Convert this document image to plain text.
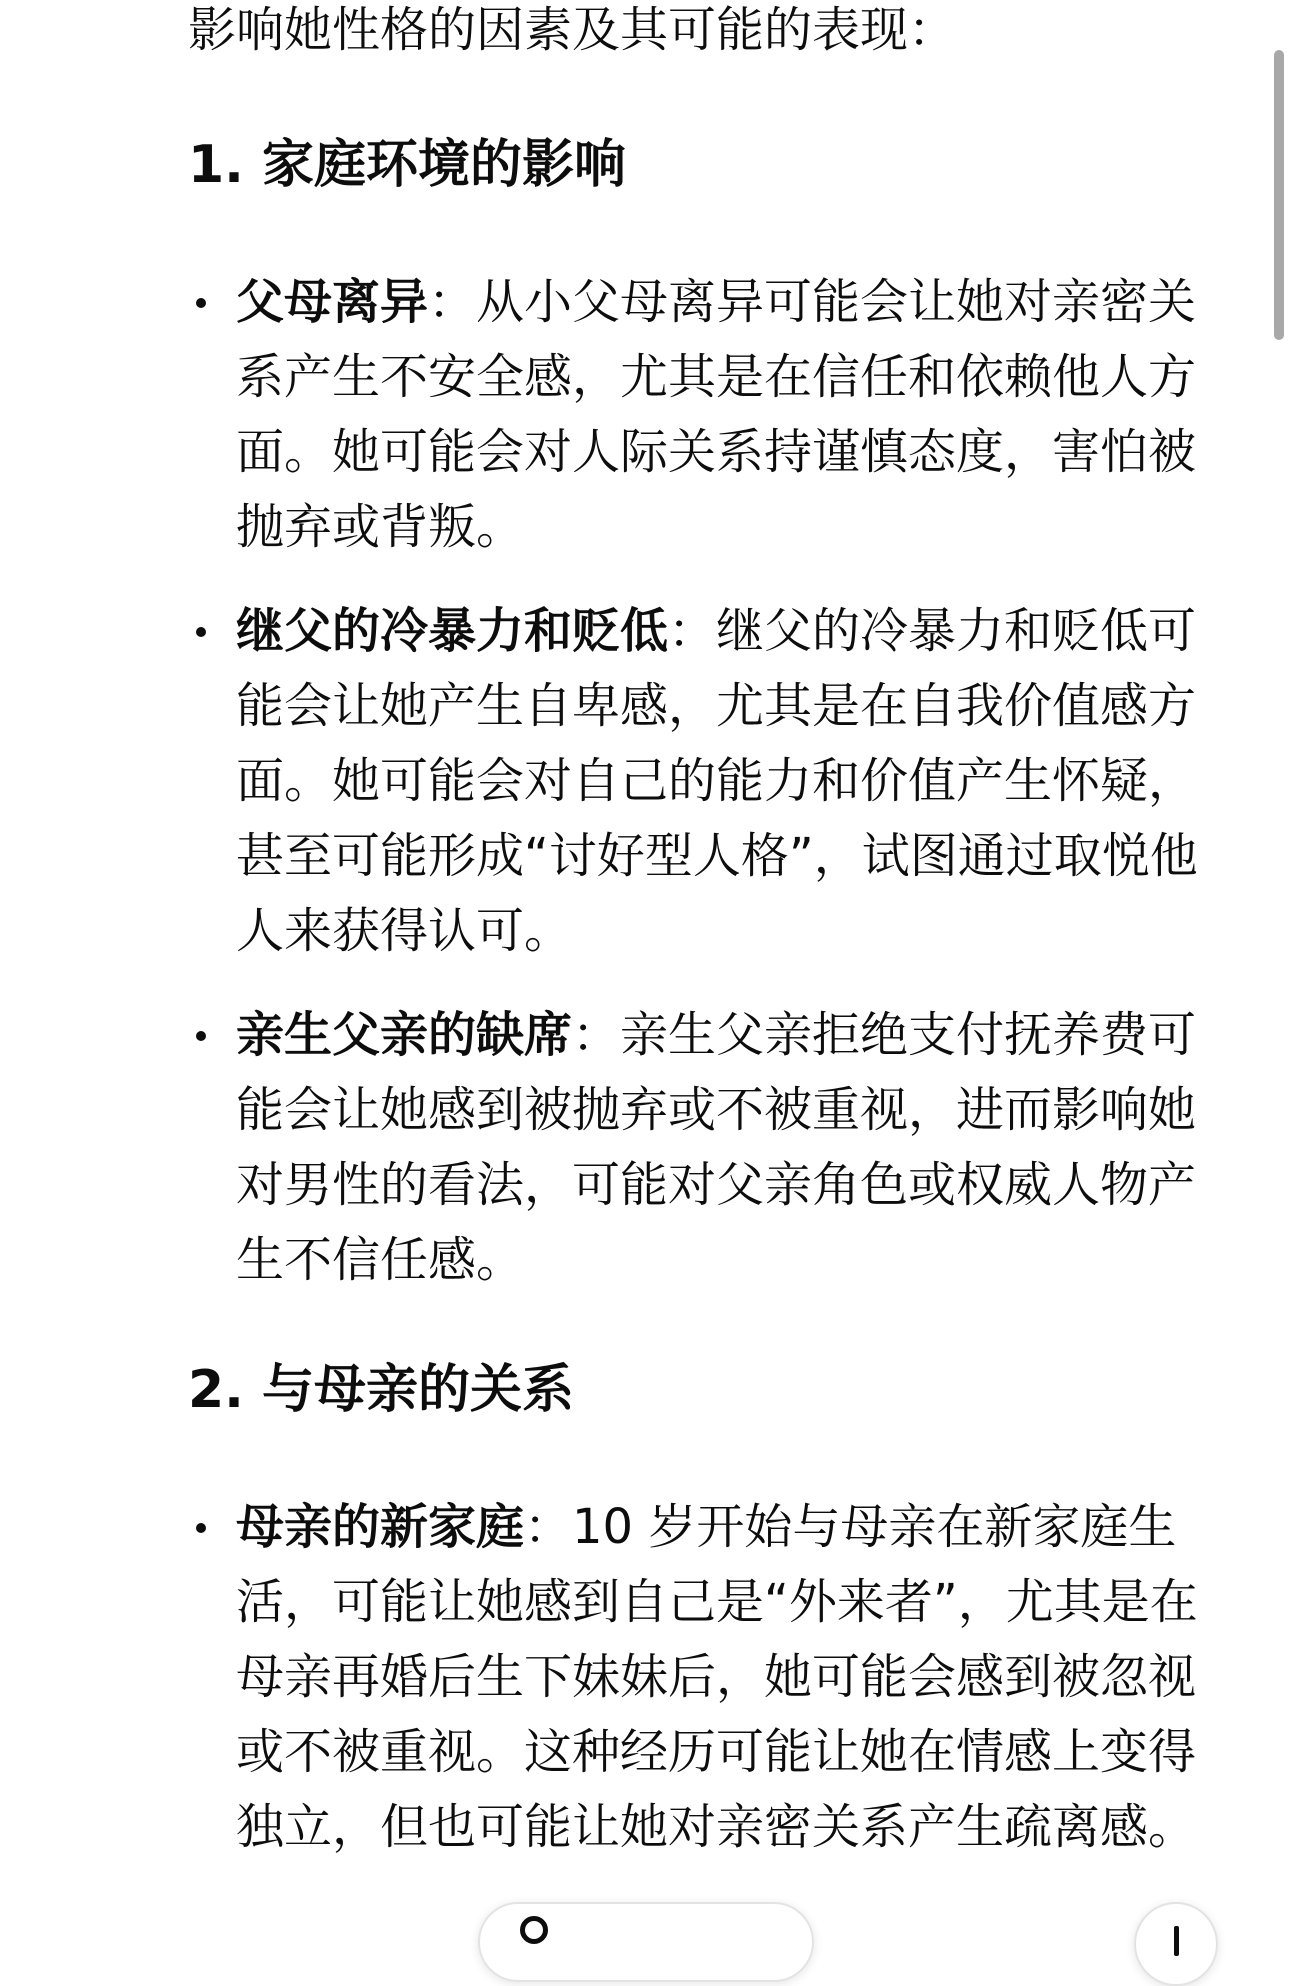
影响她性格的因素及其可能的表现：

1. 家庭环境的影响
父母离异：从小父母离异可能会让她对亲密关系产生不安全感，尤其是在信任和依赖他人方面。她可能会对人际关系持谨慎态度，害怕被抛弃或背叛。
继父的冷暴力和贬低：继父的冷暴力和贬低可能会让她产生自卑感，尤其是在自我价值感方面。她可能会对自己的能力和价值产生怀疑，甚至可能形成“讨好型人格”，试图通过取悦他人来获得认可。
亲生父亲的缺席：亲生父亲拒绝支付抚养费可能会让她感到被抛弃或不被重视，进而影响她对男性的看法，可能对父亲角色或权威人物产生不信任感。
2. 与母亲的关系
母亲的新家庭：10 岁开始与母亲在新家庭生活，可能让她感到自己是“外来者”，尤其是在母亲再婚后生下妹妹后，她可能会感到被忽视或不被重视。这种经历可能让她在情感上变得独立，但也可能让她对亲密关系产生疏离感。
